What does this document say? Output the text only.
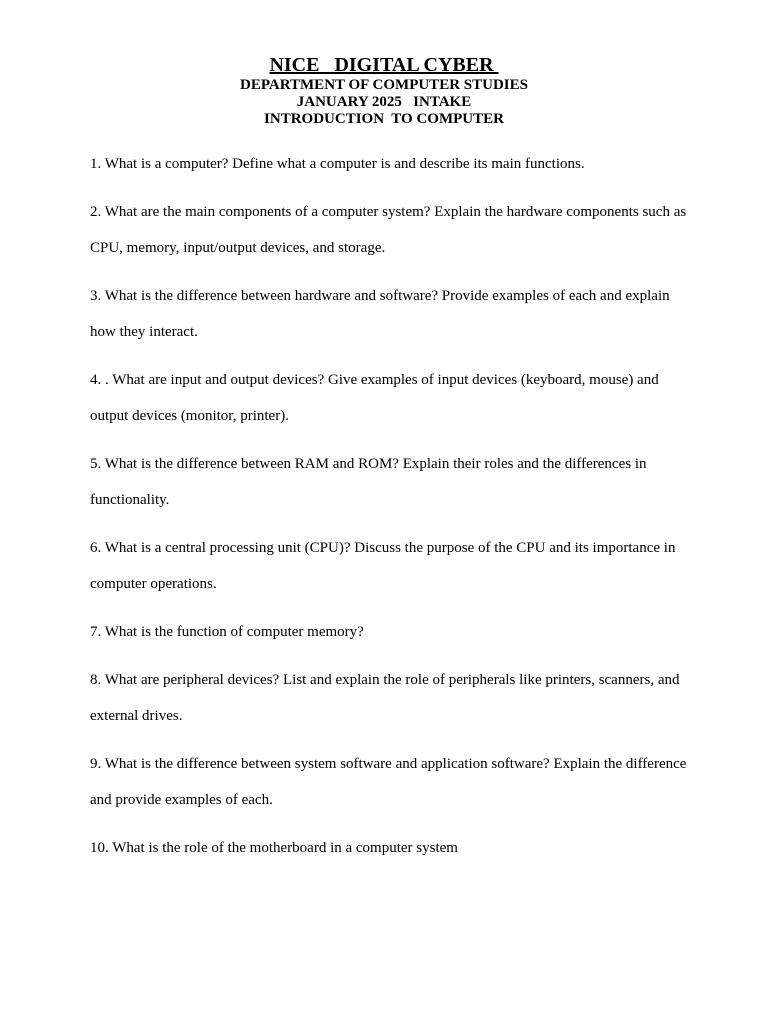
NICE   DIGITAL CYBER
DEPARTMENT OF COMPUTER STUDIES
JANUARY 2025   INTAKE
INTRODUCTION  TO COMPUTER
1. What is a computer? Define what a computer is and describe its main functions.
2. What are the main components of a computer system? Explain the hardware components such as CPU, memory, input/output devices, and storage.
3. What is the difference between hardware and software? Provide examples of each and explain how they interact.
4. . What are input and output devices? Give examples of input devices (keyboard, mouse) and output devices (monitor, printer).
5. What is the difference between RAM and ROM? Explain their roles and the differences in functionality.
6. What is a central processing unit (CPU)? Discuss the purpose of the CPU and its importance in computer operations.
7. What is the function of computer memory?
8. What are peripheral devices? List and explain the role of peripherals like printers, scanners, and external drives.
9. What is the difference between system software and application software? Explain the difference and provide examples of each.
10. What is the role of the motherboard in a computer system
